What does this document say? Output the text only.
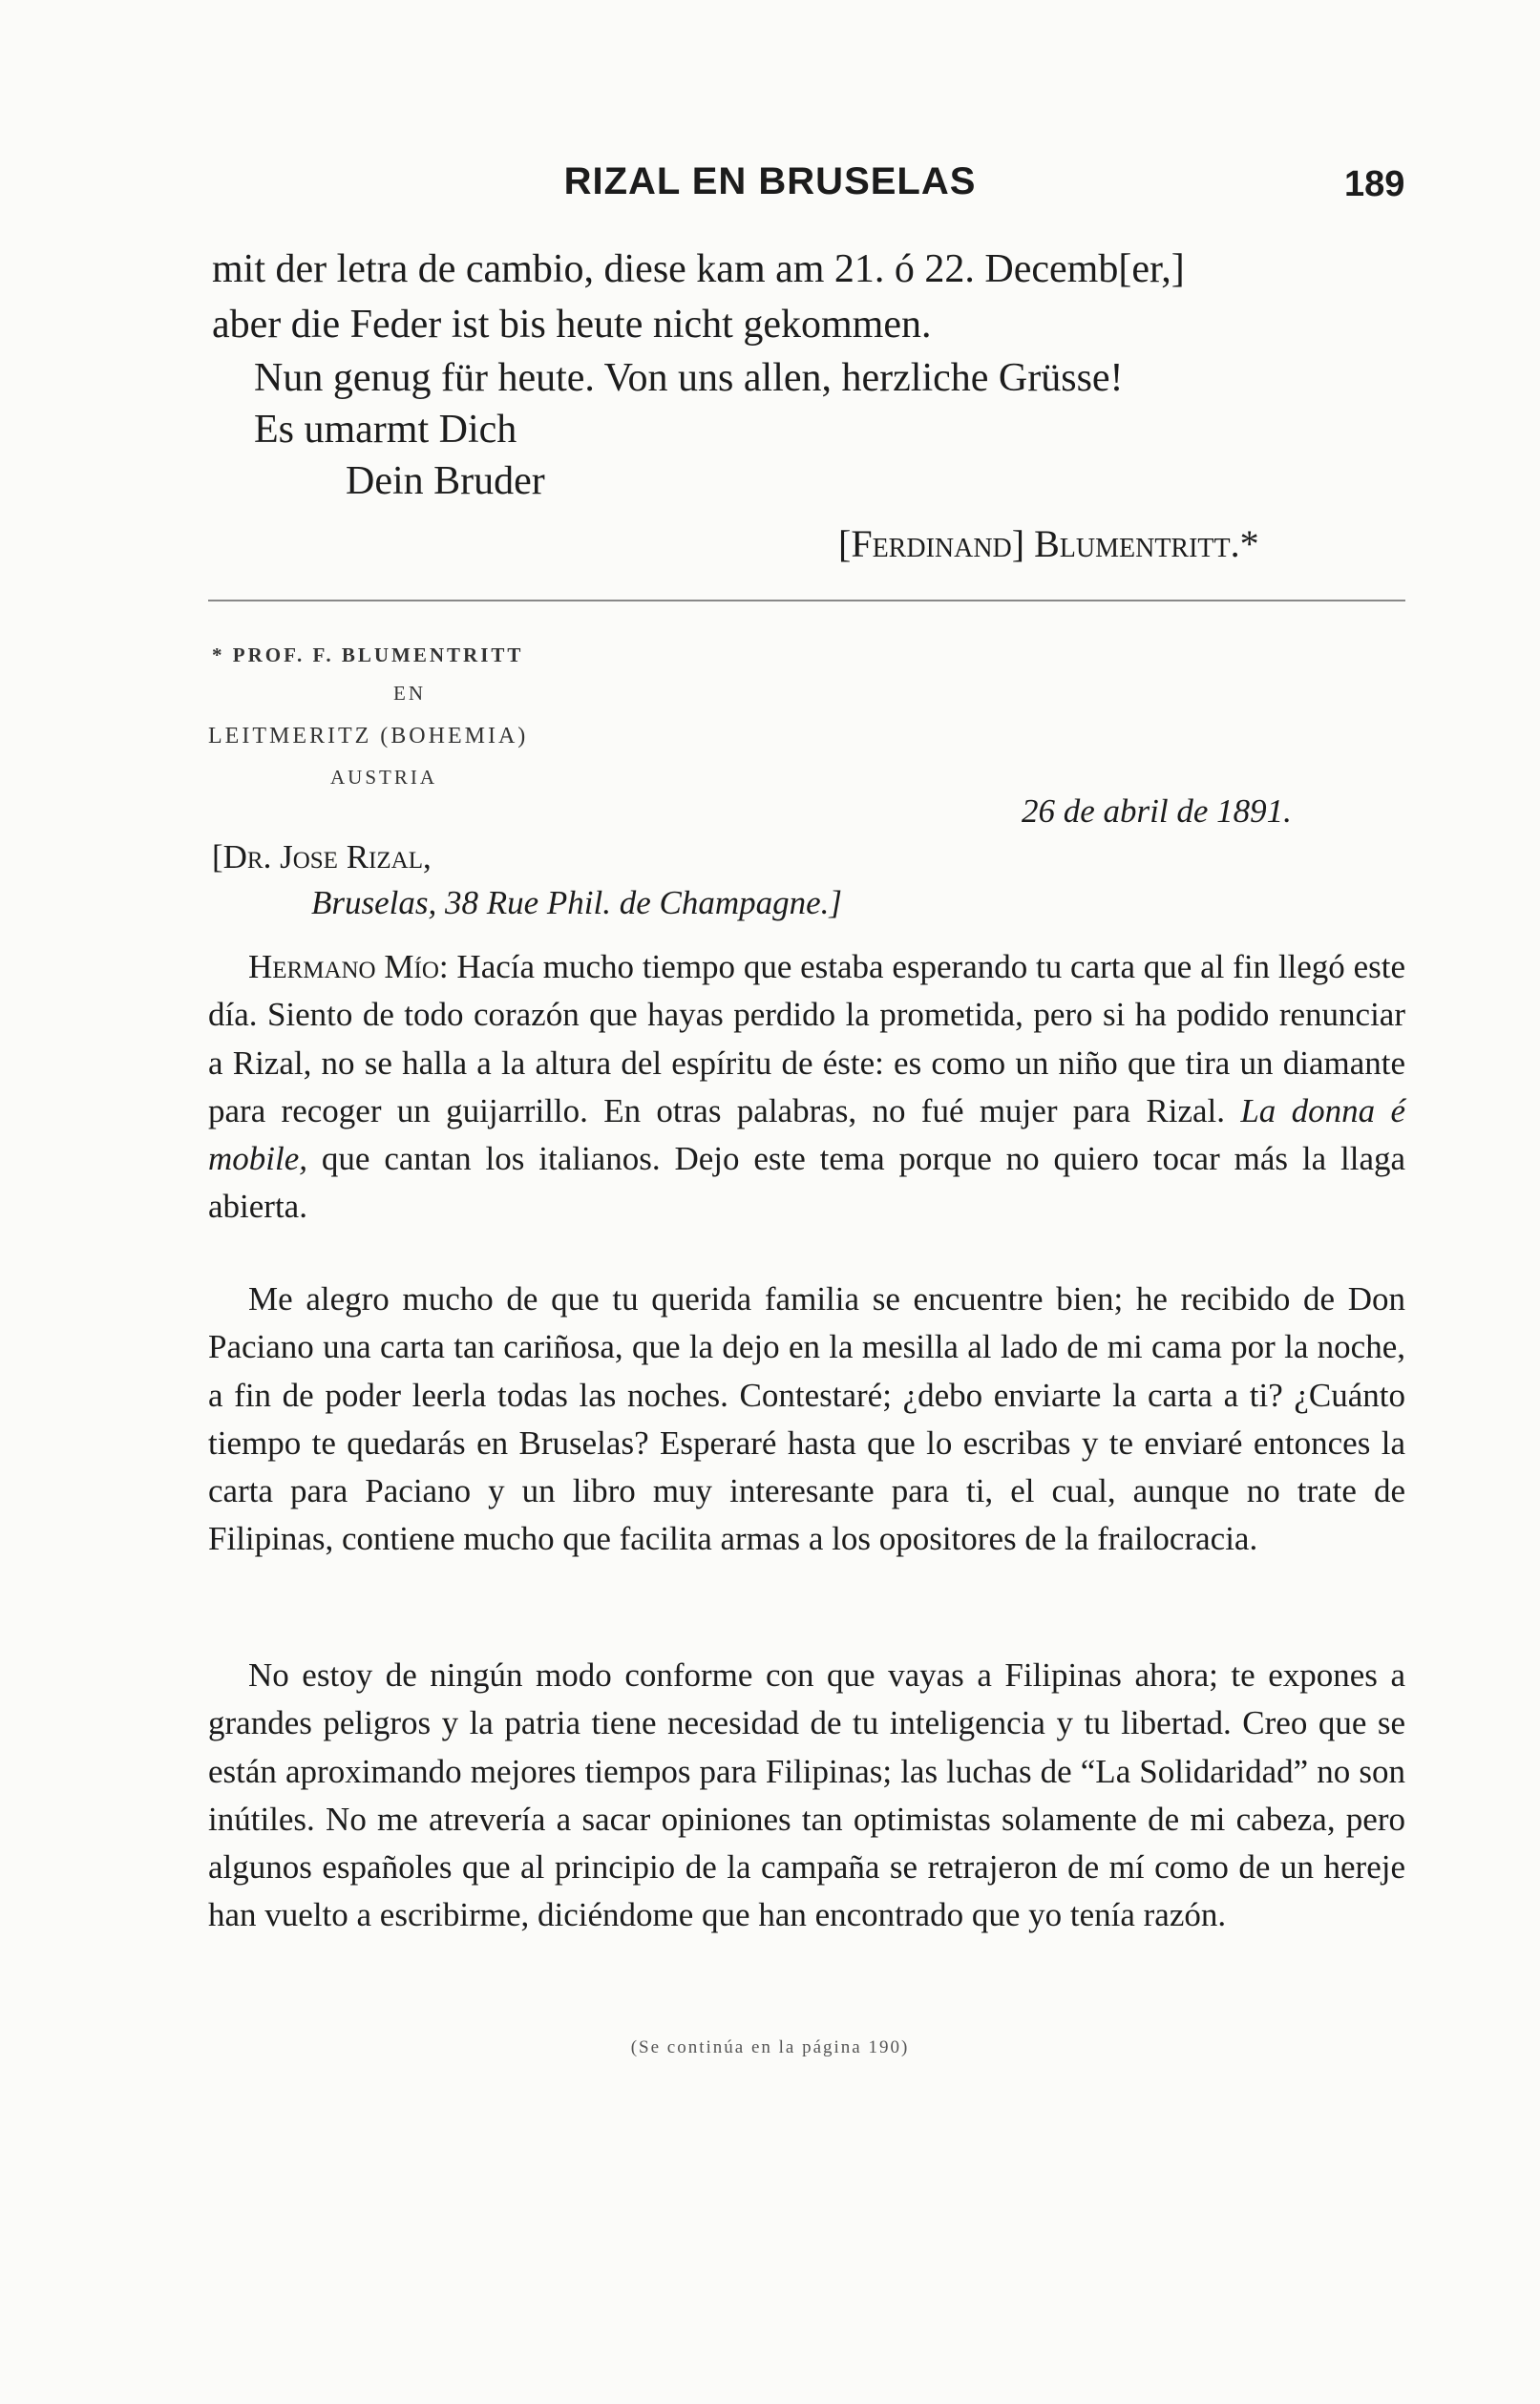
RIZAL EN BRUSELAS	189
mit der letra de cambio, diese kam am 21. ó 22. Decemb[er,]
aber die Feder ist bis heute nicht gekommen.
Nun genug für heute. Von uns allen, herzliche Grüsse!
Es umarmt Dich
Dein Bruder
[Ferdinand] Blumentritt.*
* PROF. F. BLUMENTRITT
EN
LEITMERITZ (BOHEMIA)
AUSTRIA
26 de abril de 1891.
[Dr. Jose Rizal,
Bruselas, 38 Rue Phil. de Champagne.]
Hermano Mío: Hacía mucho tiempo que estaba esperando tu carta que al fin llegó este día. Siento de todo corazón que hayas perdido la prometida, pero si ha podido renunciar a Rizal, no se halla a la altura del espíritu de éste: es como un niño que tira un diamante para recoger un guijarrillo. En otras palabras, no fué mujer para Rizal. La donna é mobile, que cantan los italianos. Dejo este tema porque no quiero tocar más la llaga abierta.
Me alegro mucho de que tu querida familia se encuentre bien; he recibido de Don Paciano una carta tan cariñosa, que la dejo en la mesilla al lado de mi cama por la noche, a fin de poder leerla todas las noches. Contestaré; ¿debo enviarte la carta a ti? ¿Cuánto tiempo te quedarás en Bruselas? Esperaré hasta que lo escribas y te enviaré entonces la carta para Paciano y un libro muy interesante para ti, el cual, aunque no trate de Filipinas, contiene mucho que facilita armas a los opositores de la frailocracia.
No estoy de ningún modo conforme con que vayas a Filipinas ahora; te expones a grandes peligros y la patria tiene necesidad de tu inteligencia y tu libertad. Creo que se están aproximando mejores tiempos para Filipinas; las luchas de “La Solidaridad” no son inútiles. No me atrevería a sacar opiniones tan optimistas solamente de mi cabeza, pero algunos españoles que al principio de la campaña se retrajeron de mí como de un hereje han vuelto a escribirme, diciéndome que han encontrado que yo tenía razón.
(Se continúa en la página 190)
